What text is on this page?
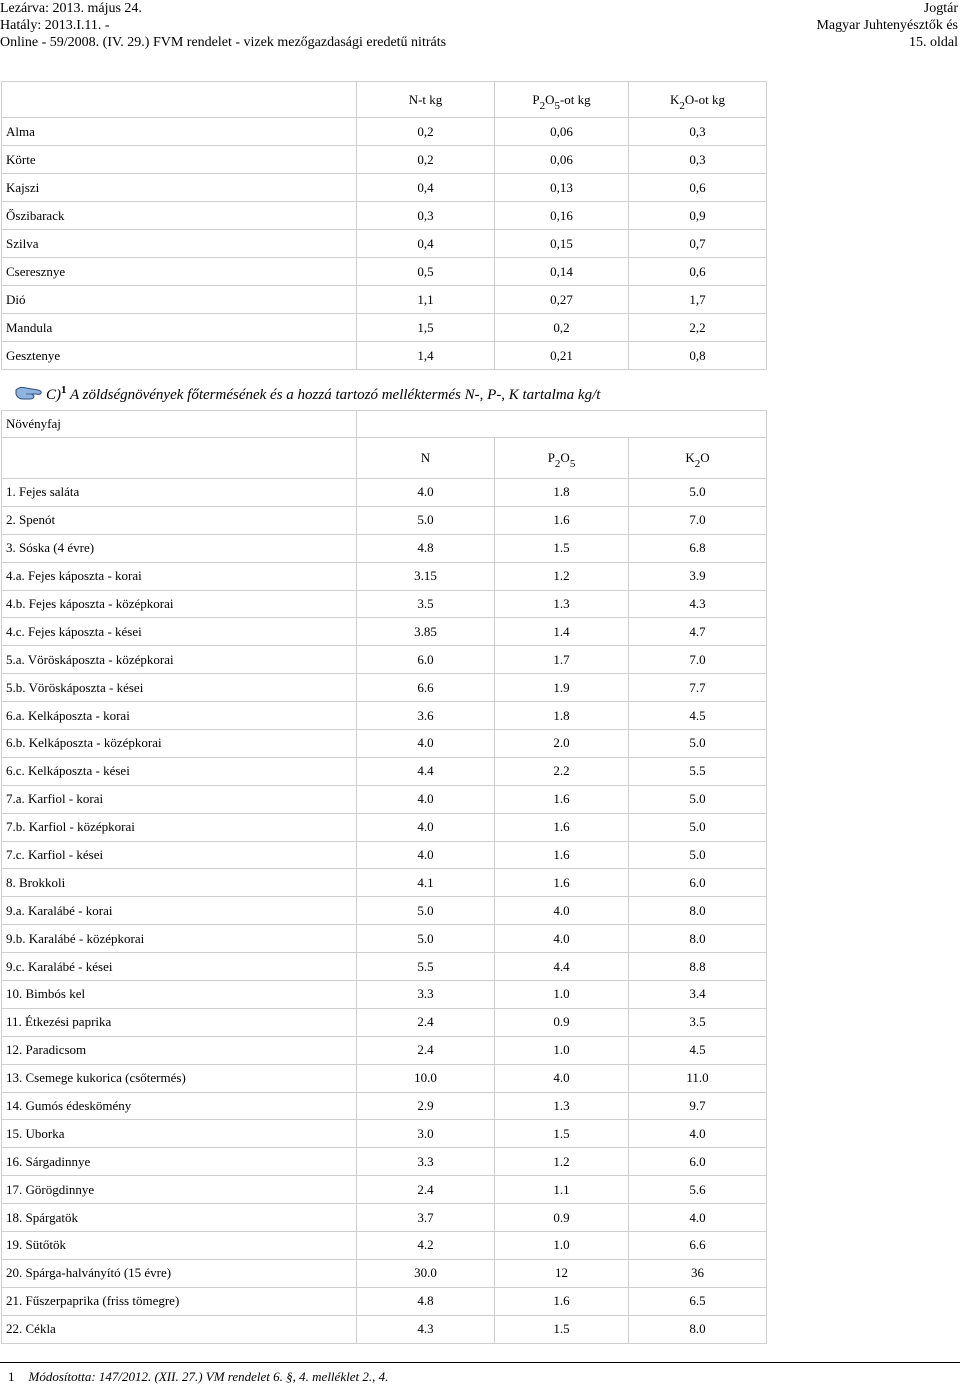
Lezárva: 2013. május 24.	Jogtár
Hatály: 2013.I.11. -	Magyar Juhtenyésztők és
Online - 59/2008. (IV. 29.) FVM rendelet - vizek mezőgazdasági eredetű nitráts	15. oldal
	N-t kg	$P_2O_5-ot$ kg	$K_2O-ot$ kg
Alma	0,2	0,06	0,3
Körte	0,2	0,06	0,3
Kajszi	0,4	0,13	0,6
Őszibarack	0,3	0,16	0,9
Szilva	0,4	0,15	0,7
Cseresznye	0,5	0,14	0,6
Dió	1,1	0,27	1,7
Mandula	1,5	0,2	2,2
Gesztenye	1,4	0,21	0,8
C)$^1$ A zöldségnövények főtermésének és a hozzá tartozó melléktermés N-, P-, K tartalma kg/t
Növényfaj			
	N	$P_2O_5$	$K_2O$
1. Fejes saláta	4.0	1.8	5.0
2. Spenót	5.0	1.6	7.0
3. Sóska (4 évre)	4.8	1.5	6.8
4.a. Fejes káposzta - korai	3.15	1.2	3.9
4.b. Fejes káposzta - középkorai	3.5	1.3	4.3
4.c. Fejes káposzta - kései	3.85	1.4	4.7
5.a. Vöröskáposzta - középkorai	6.0	1.7	7.0
5.b. Vöröskáposzta - kései	6.6	1.9	7.7
6.a. Kelkáposzta - korai	3.6	1.8	4.5
6.b. Kelkáposzta - középkorai	4.0	2.0	5.0
6.c. Kelkáposzta - kései	4.4	2.2	5.5
7.a. Karfiol - korai	4.0	1.6	5.0
7.b. Karfiol - középkorai	4.0	1.6	5.0
7.c. Karfiol - kései	4.0	1.6	5.0
8. Brokkoli	4.1	1.6	6.0
9.a. Karalábé - korai	5.0	4.0	8.0
9.b. Karalábé - középkorai	5.0	4.0	8.0
9.c. Karalábé - kései	5.5	4.4	8.8
10. Bimbós kel	3.3	1.0	3.4
11. Étkezési paprika	2.4	0.9	3.5
12. Paradicsom	2.4	1.0	4.5
13. Csemege kukorica (csőtermés)	10.0	4.0	11.0
14. Gumós édeskömény	2.9	1.3	9.7
15. Uborka	3.0	1.5	4.0
16. Sárgadinnye	3.3	1.2	6.0
17. Görögdinnye	2.4	1.1	5.6
18. Spárgatök	3.7	0.9	4.0
19. Sütőtök	4.2	1.0	6.6
20. Spárga-halványító (15 évre)	30.0	12	36
21. Fűszerpaprika (friss tömegre)	4.8	1.6	6.5
22. Cékla	4.3	1.5	8.0
1 Módosította: 147/2012. (XII. 27.) VM rendelet 6. §, 4. melléklet 2., 4.
